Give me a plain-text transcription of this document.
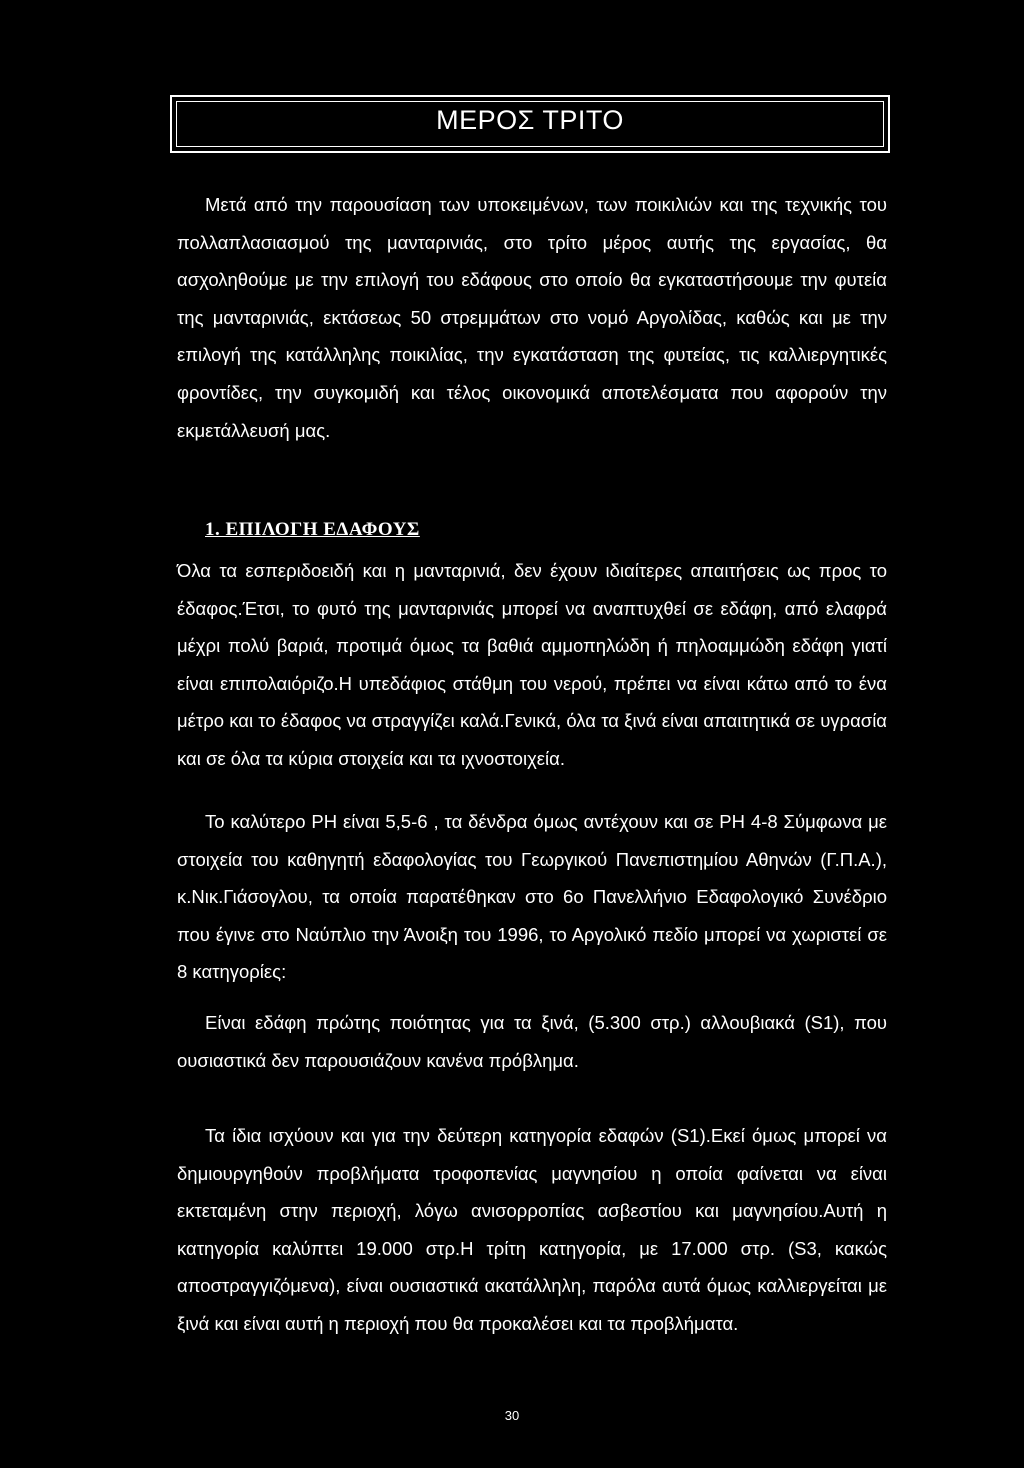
ΜΕΡΟΣ ΤΡΙΤΟ
Μετά από την παρουσίαση των υποκειμένων, των ποικιλιών και της τεχνικής του πολλαπλασιασμού της μανταρινιάς, στο τρίτο μέρος αυτής της εργασίας, θα ασχοληθούμε με την επιλογή του εδάφους στο οποίο θα εγκαταστήσουμε την φυτεία της μανταρινιάς, εκτάσεως 50 στρεμμάτων στο νομό Αργολίδας, καθώς και με την επιλογή της κατάλληλης ποικιλίας, την εγκατάσταση της φυτείας, τις καλλιεργητικές φροντίδες, την συγκομιδή και τέλος οικονομικά αποτελέσματα που αφορούν την εκμετάλλευσή μας.
1. ΕΠΙΛΟΓΗ ΕΔΑΦΟΥΣ
Όλα τα εσπεριδοειδή και η μανταρινιά, δεν έχουν ιδιαίτερες απαιτήσεις ως προς το έδαφος.Έτσι, το φυτό της μανταρινιάς μπορεί να αναπτυχθεί σε εδάφη, από ελαφρά μέχρι πολύ βαριά, προτιμά όμως τα βαθιά αμμοπηλώδη ή πηλοαμμώδη εδάφη γιατί είναι επιπολαιόριζο.Η υπεδάφιος στάθμη του νερού, πρέπει να είναι κάτω από το ένα μέτρο και το έδαφος να στραγγίζει καλά.Γενικά, όλα τα ξινά είναι απαιτητικά σε υγρασία και σε όλα τα κύρια στοιχεία και τα ιχνοστοιχεία.
Το καλύτερο PH είναι 5,5-6 , τα δένδρα όμως αντέχουν και σε PH 4-8 Σύμφωνα με στοιχεία του καθηγητή εδαφολογίας του Γεωργικού Πανεπιστημίου Αθηνών (Γ.Π.Α.), κ.Νικ.Γιάσογλου, τα οποία παρατέθηκαν στο 6ο Πανελλήνιο Εδαφολογικό Συνέδριο που έγινε στο Ναύπλιο την Άνοιξη του 1996, το Αργολικό πεδίο μπορεί να χωριστεί σε 8 κατηγορίες:
Είναι εδάφη πρώτης ποιότητας για τα ξινά, (5.300 στρ.) αλλουβιακά (S1), που ουσιαστικά δεν παρουσιάζουν κανένα πρόβλημα.
Τα ίδια ισχύουν και για την δεύτερη κατηγορία εδαφών (S1).Εκεί όμως μπορεί να δημιουργηθούν προβλήματα τροφοπενίας μαγνησίου η οποία φαίνεται να είναι εκτεταμένη στην περιοχή, λόγω ανισορροπίας ασβεστίου και μαγνησίου.Αυτή η κατηγορία καλύπτει 19.000 στρ.Η τρίτη κατηγορία, με 17.000 στρ. (S3, κακώς αποστραγγιζόμενα), είναι ουσιαστικά ακατάλληλη, παρόλα αυτά όμως καλλιεργείται με ξινά και είναι αυτή η περιοχή που θα προκαλέσει και τα προβλήματα.
30
